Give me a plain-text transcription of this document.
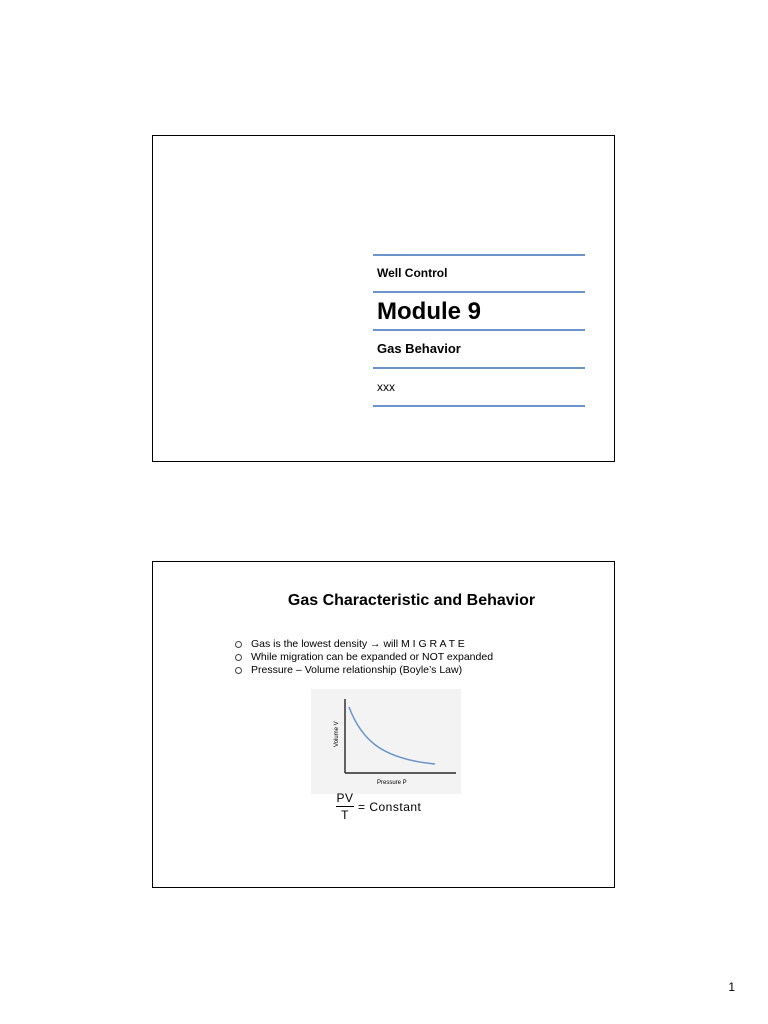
Well Control
Module 9
Gas Behavior
xxx
Gas Characteristic and Behavior
Gas is the lowest density → will M I G R A T E
While migration can be expanded or NOT expanded
Pressure – Volume relationship (Boyle’s Law)
Pressure P
Volume V
PV
T
= Constant
1
